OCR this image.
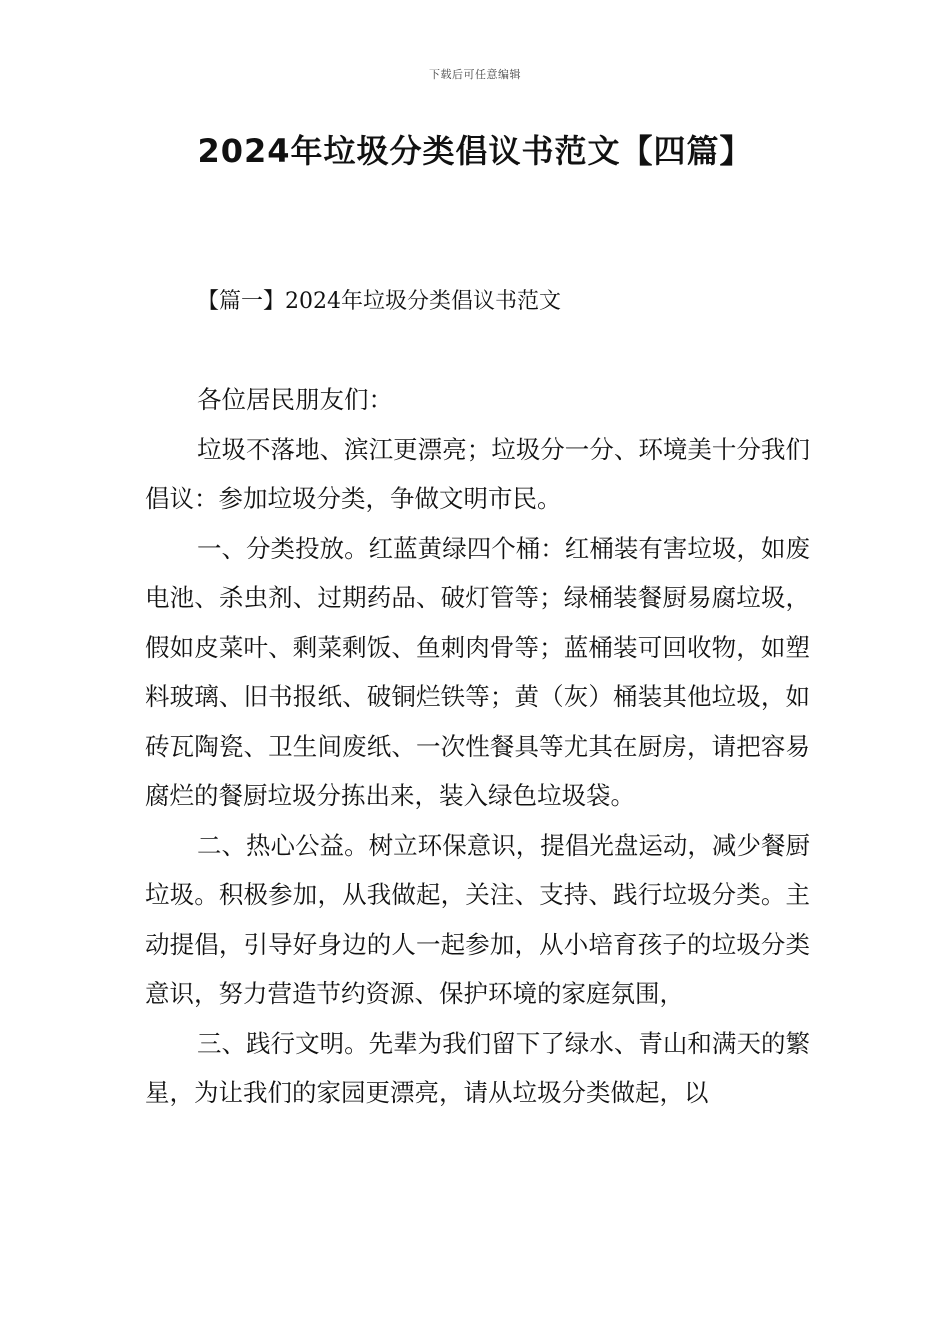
下载后可任意编辑
2024年垃圾分类倡议书范文【四篇】
【篇一】2024年垃圾分类倡议书范文

各位居民朋友们：

垃圾不落地、滨江更漂亮；垃圾分一分、环境美十分我们倡议：参加垃圾分类，争做文明市民。

一、分类投放。红蓝黄绿四个桶：红桶装有害垃圾，如废电池、杀虫剂、过期药品、破灯管等；绿桶装餐厨易腐垃圾，假如皮菜叶、剩菜剩饭、鱼刺肉骨等；蓝桶装可回收物，如塑料玻璃、旧书报纸、破铜烂铁等；黄（灰）桶装其他垃圾，如砖瓦陶瓷、卫生间废纸、一次性餐具等尤其在厨房，请把容易腐烂的餐厨垃圾分拣出来，装入绿色垃圾袋。

二、热心公益。树立环保意识，提倡光盘运动，减少餐厨垃圾。积极参加，从我做起，关注、支持、践行垃圾分类。主动提倡，引导好身边的人一起参加，从小培育孩子的垃圾分类意识，努力营造节约资源、保护环境的家庭氛围，

三、践行文明。先辈为我们留下了绿水、青山和满天的繁星，为让我们的家园更漂亮，请从垃圾分类做起，以
